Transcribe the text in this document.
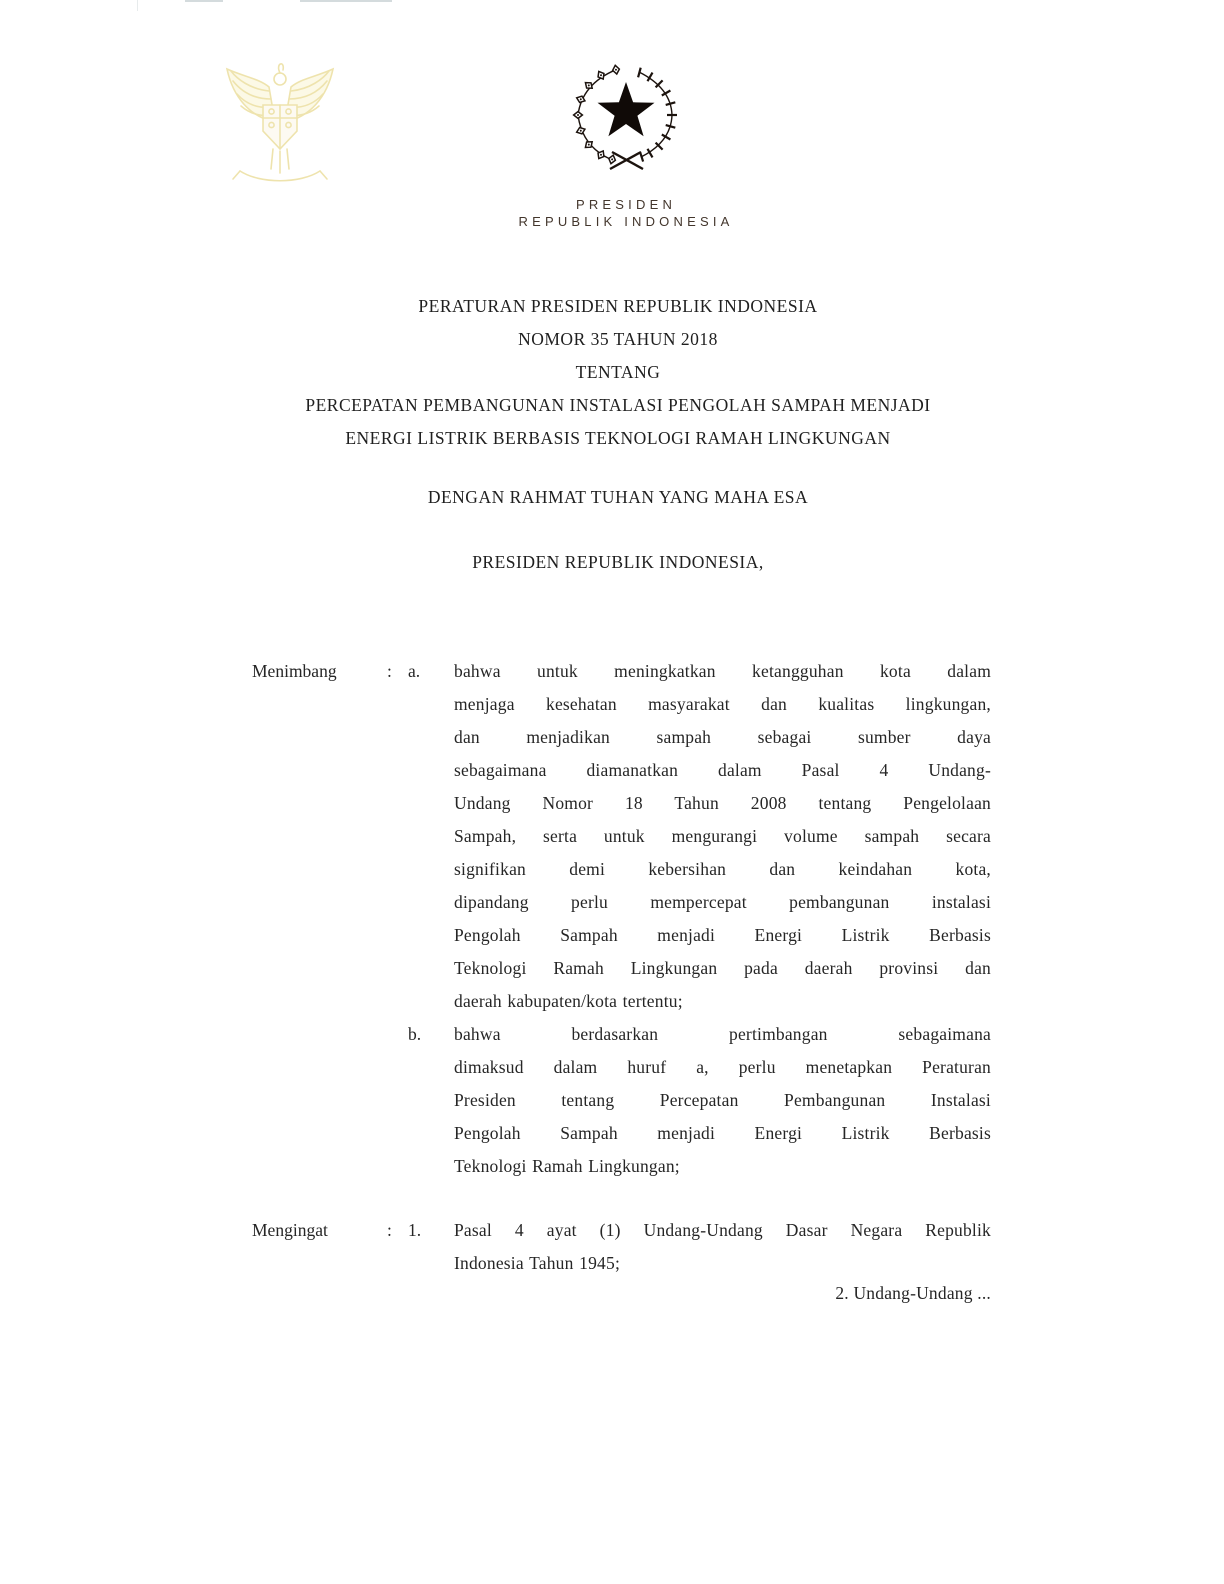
PRESIDEN
REPUBLIK INDONESIA
PERATURAN PRESIDEN REPUBLIK INDONESIA
NOMOR 35 TAHUN 2018
TENTANG
PERCEPATAN PEMBANGUNAN INSTALASI PENGOLAH SAMPAH MENJADI
ENERGI LISTRIK BERBASIS TEKNOLOGI RAMAH LINGKUNGAN
DENGAN RAHMAT TUHAN YANG MAHA ESA
PRESIDEN REPUBLIK INDONESIA,
Menimbang	: a.	bahwa untuk meningkatkan ketangguhan kota dalam
menjaga kesehatan masyarakat dan kualitas lingkungan,
dan menjadikan sampah sebagai sumber daya
sebagaimana diamanatkan dalam Pasal 4 Undang-
Undang Nomor 18 Tahun 2008 tentang Pengelolaan
Sampah, serta untuk mengurangi volume sampah secara
signifikan demi kebersihan dan keindahan kota,
dipandang perlu mempercepat pembangunan instalasi
Pengolah Sampah menjadi Energi Listrik Berbasis
Teknologi Ramah Lingkungan pada daerah provinsi dan
daerah kabupaten/kota tertentu;
b.	bahwa berdasarkan pertimbangan sebagaimana
dimaksud dalam huruf a, perlu menetapkan Peraturan
Presiden tentang Percepatan Pembangunan Instalasi
Pengolah Sampah menjadi Energi Listrik Berbasis
Teknologi Ramah Lingkungan;
Mengingat	: 1.	Pasal 4 ayat (1) Undang-Undang Dasar Negara Republik
Indonesia Tahun 1945;
2. Undang-Undang ...
